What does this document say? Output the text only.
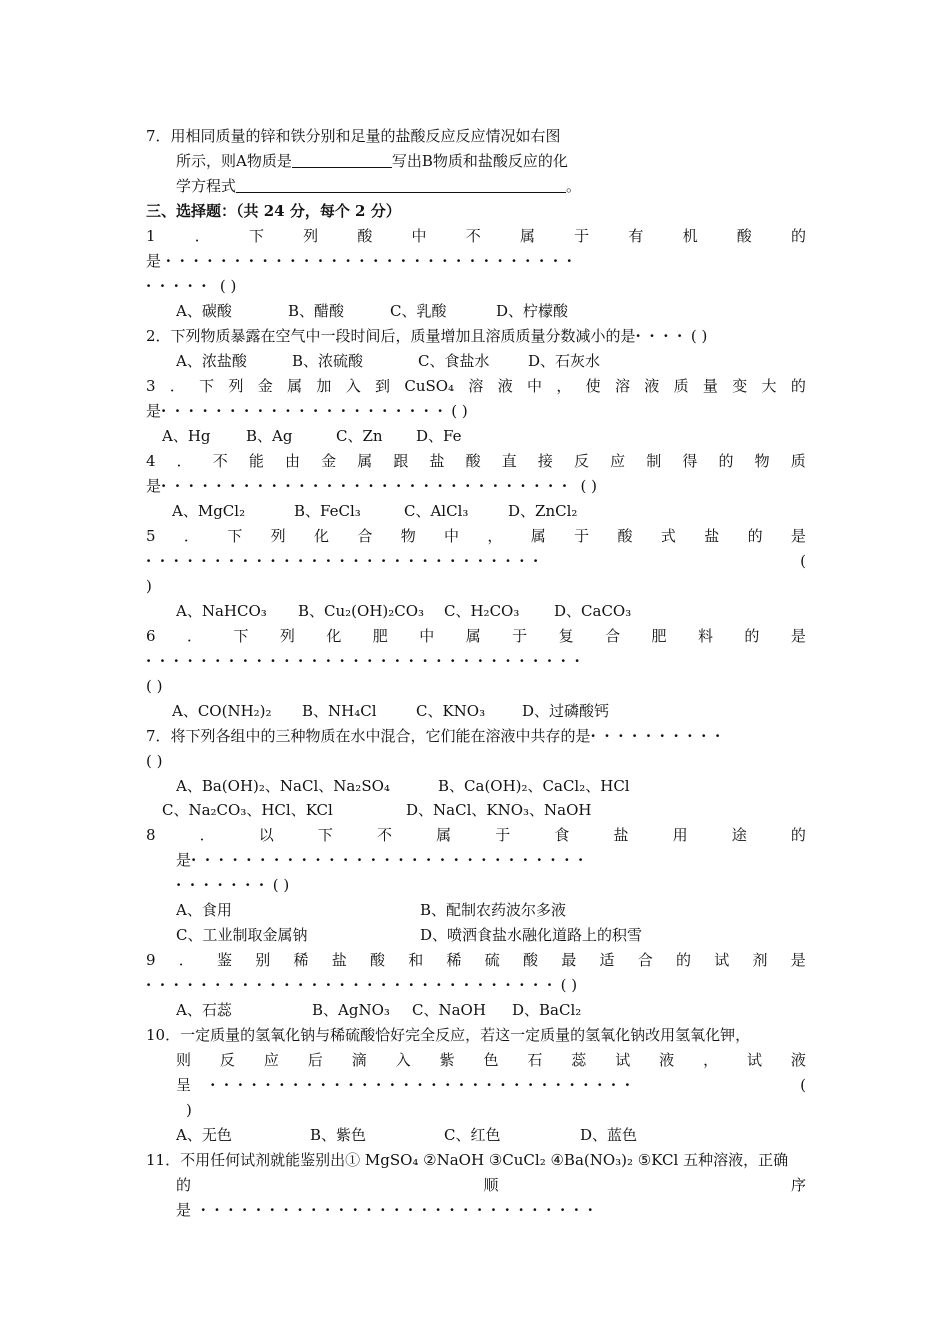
7．用相同质量的锌和铁分别和足量的盐酸反应反应情况如右图
所示，则A物质是	写出B物质和盐酸反应的化
学方程式	。
三、选择题：（共 24 分，每个 2 分）
1	．	下	列	酸	中	不	属	于	有	机	酸	的
是 ······························
····· ( )
A、碳酸	B、醋酸	C、乳酸	D、柠檬酸
2．下列物质暴露在空气中一段时间后，质量增加且溶质质量分数减小的是····( )
A、浓盐酸	B、浓硫酸	C、食盐水	D、石灰水
3 ． 下 列 金 属 加 入 到 CuSO₄ 溶 液 中 ， 使 溶 液 质 量 变 大 的
是·····················( )
A、Hg B、Ag	C、Zn D、Fe
4 ． 不 能 由 金 属 跟 盐 酸 直 接 反 应 制 得 的 物 质
是······························ ( )
A、MgCl₂	B、FeCl₃	C、AlCl₃	D、ZnCl₂
5 ． 下 列 化 合 物 中 ， 属 于 酸 式 盐 的 是
·····························	(
)
A、NaHCO₃ B、Cu₂(OH)₂CO₃ C、H₂CO₃ D、CaCO₃
6 ． 下 列 化 肥 中 属 于 复 合 肥 料 的 是
································
( )
A、CO(NH₂)₂ B、NH₄Cl	C、KNO₃ D、过磷酸钙
7．将下列各组中的三种物质在水中混合，它们能在溶液中共存的是··········
( )
A、Ba(OH)₂、NaCl、Na₂SO₄	B、Ca(OH)₂、CaCl₂、HCl
C、Na₂CO₃、HCl、KCl	D、NaCl、KNO₃、NaOH
8	．	以	下	不	属	于	食	盐	用	途	的
是·····························
·······( )
A、食用	B、配制农药波尔多液
C、工业制取金属钠	D、喷洒食盐水融化道路上的积雪
9 ． 鉴 别 稀 盐 酸 和 稀 硫 酸 最 适 合 的 试 剂 是
······························( )
A、石蕊	B、AgNO₃ C、NaOH D、BaCl₂
10．一定质量的氢氧化钠与稀硫酸恰好完全反应，若这一定质量的氢氧化钠改用氢氧化钾，
则 反 应 后 滴 入 紫 色 石 蕊 试 液 ， 试 液
呈 ·······························	(
)
A、无色	B、紫色	C、红色	D、蓝色
11．不用任何试剂就能鉴别出① MgSO₄ ②NaOH ③CuCl₂ ④Ba(NO₃)₂ ⑤KCl 五种溶液，正确
的	顺	序
是 ·····························
